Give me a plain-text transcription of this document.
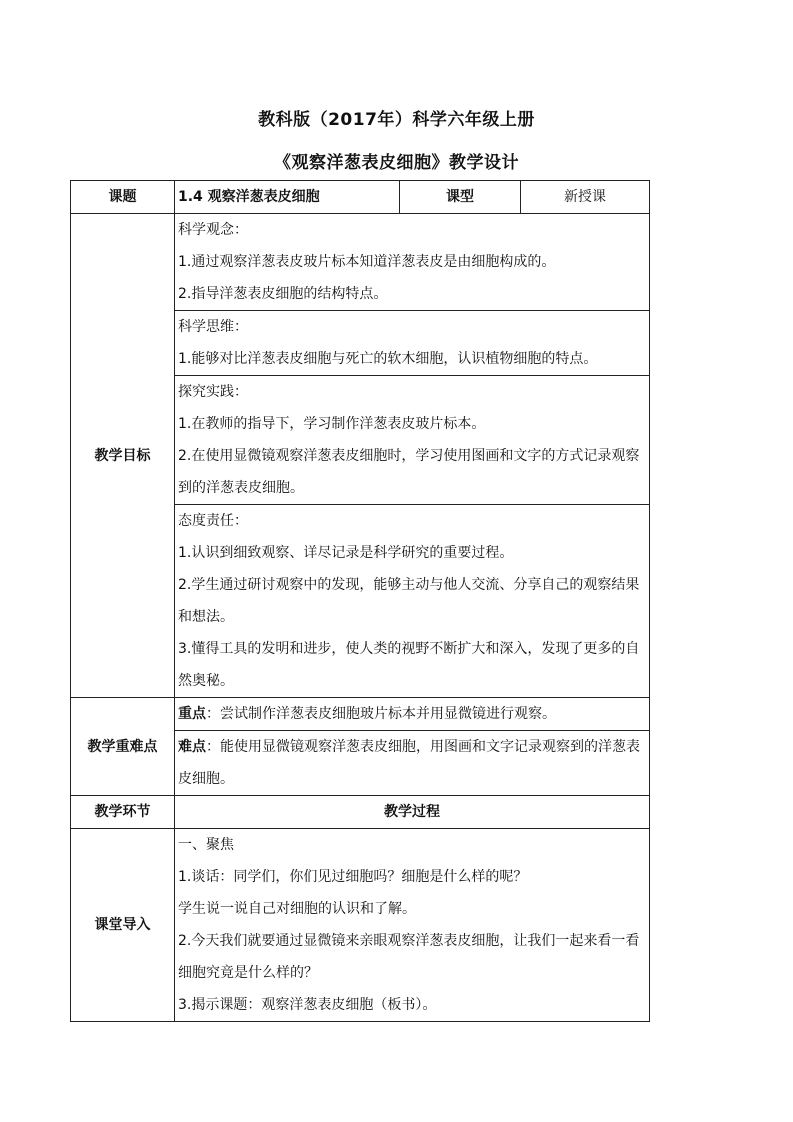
教科版（2017年）科学六年级上册
《观察洋葱表皮细胞》教学设计
课题	1.4 观察洋葱表皮细胞	课型	新授课
教学目标	科学观念：
1.通过观察洋葱表皮玻片标本知道洋葱表皮是由细胞构成的。
2.指导洋葱表皮细胞的结构特点。		

	科学思维：
1.能够对比洋葱表皮细胞与死亡的软木细胞，认识植物细胞的特点。		

	探究实践：
1.在教师的指导下，学习制作洋葱表皮玻片标本。
2.在使用显微镜观察洋葱表皮细胞时，学习使用图画和文字的方式记录观察到的洋葱表皮细胞。		

	态度责任：
1.认识到细致观察、详尽记录是科学研究的重要过程。
2.学生通过研讨观察中的发现，能够主动与他人交流、分享自己的观察结果和想法。
3.懂得工具的发明和进步，使人类的视野不断扩大和深入，发现了更多的自然奥秘。		

教学重难点	重点：尝试制作洋葱表皮细胞玻片标本并用显微镜进行观察。		

	难点：能使用显微镜观察洋葱表皮细胞，用图画和文字记录观察到的洋葱表皮细胞。		

教学环节	教学过程		
课堂导入	一、聚焦
1.谈话：同学们，你们见过细胞吗？细胞是什么样的呢？
学生说一说自己对细胞的认识和了解。
2.今天我们就要通过显微镜来亲眼观察洋葱表皮细胞，让我们一起来看一看细胞究竟是什么样的？
3.揭示课题：观察洋葱表皮细胞（板书）。		
